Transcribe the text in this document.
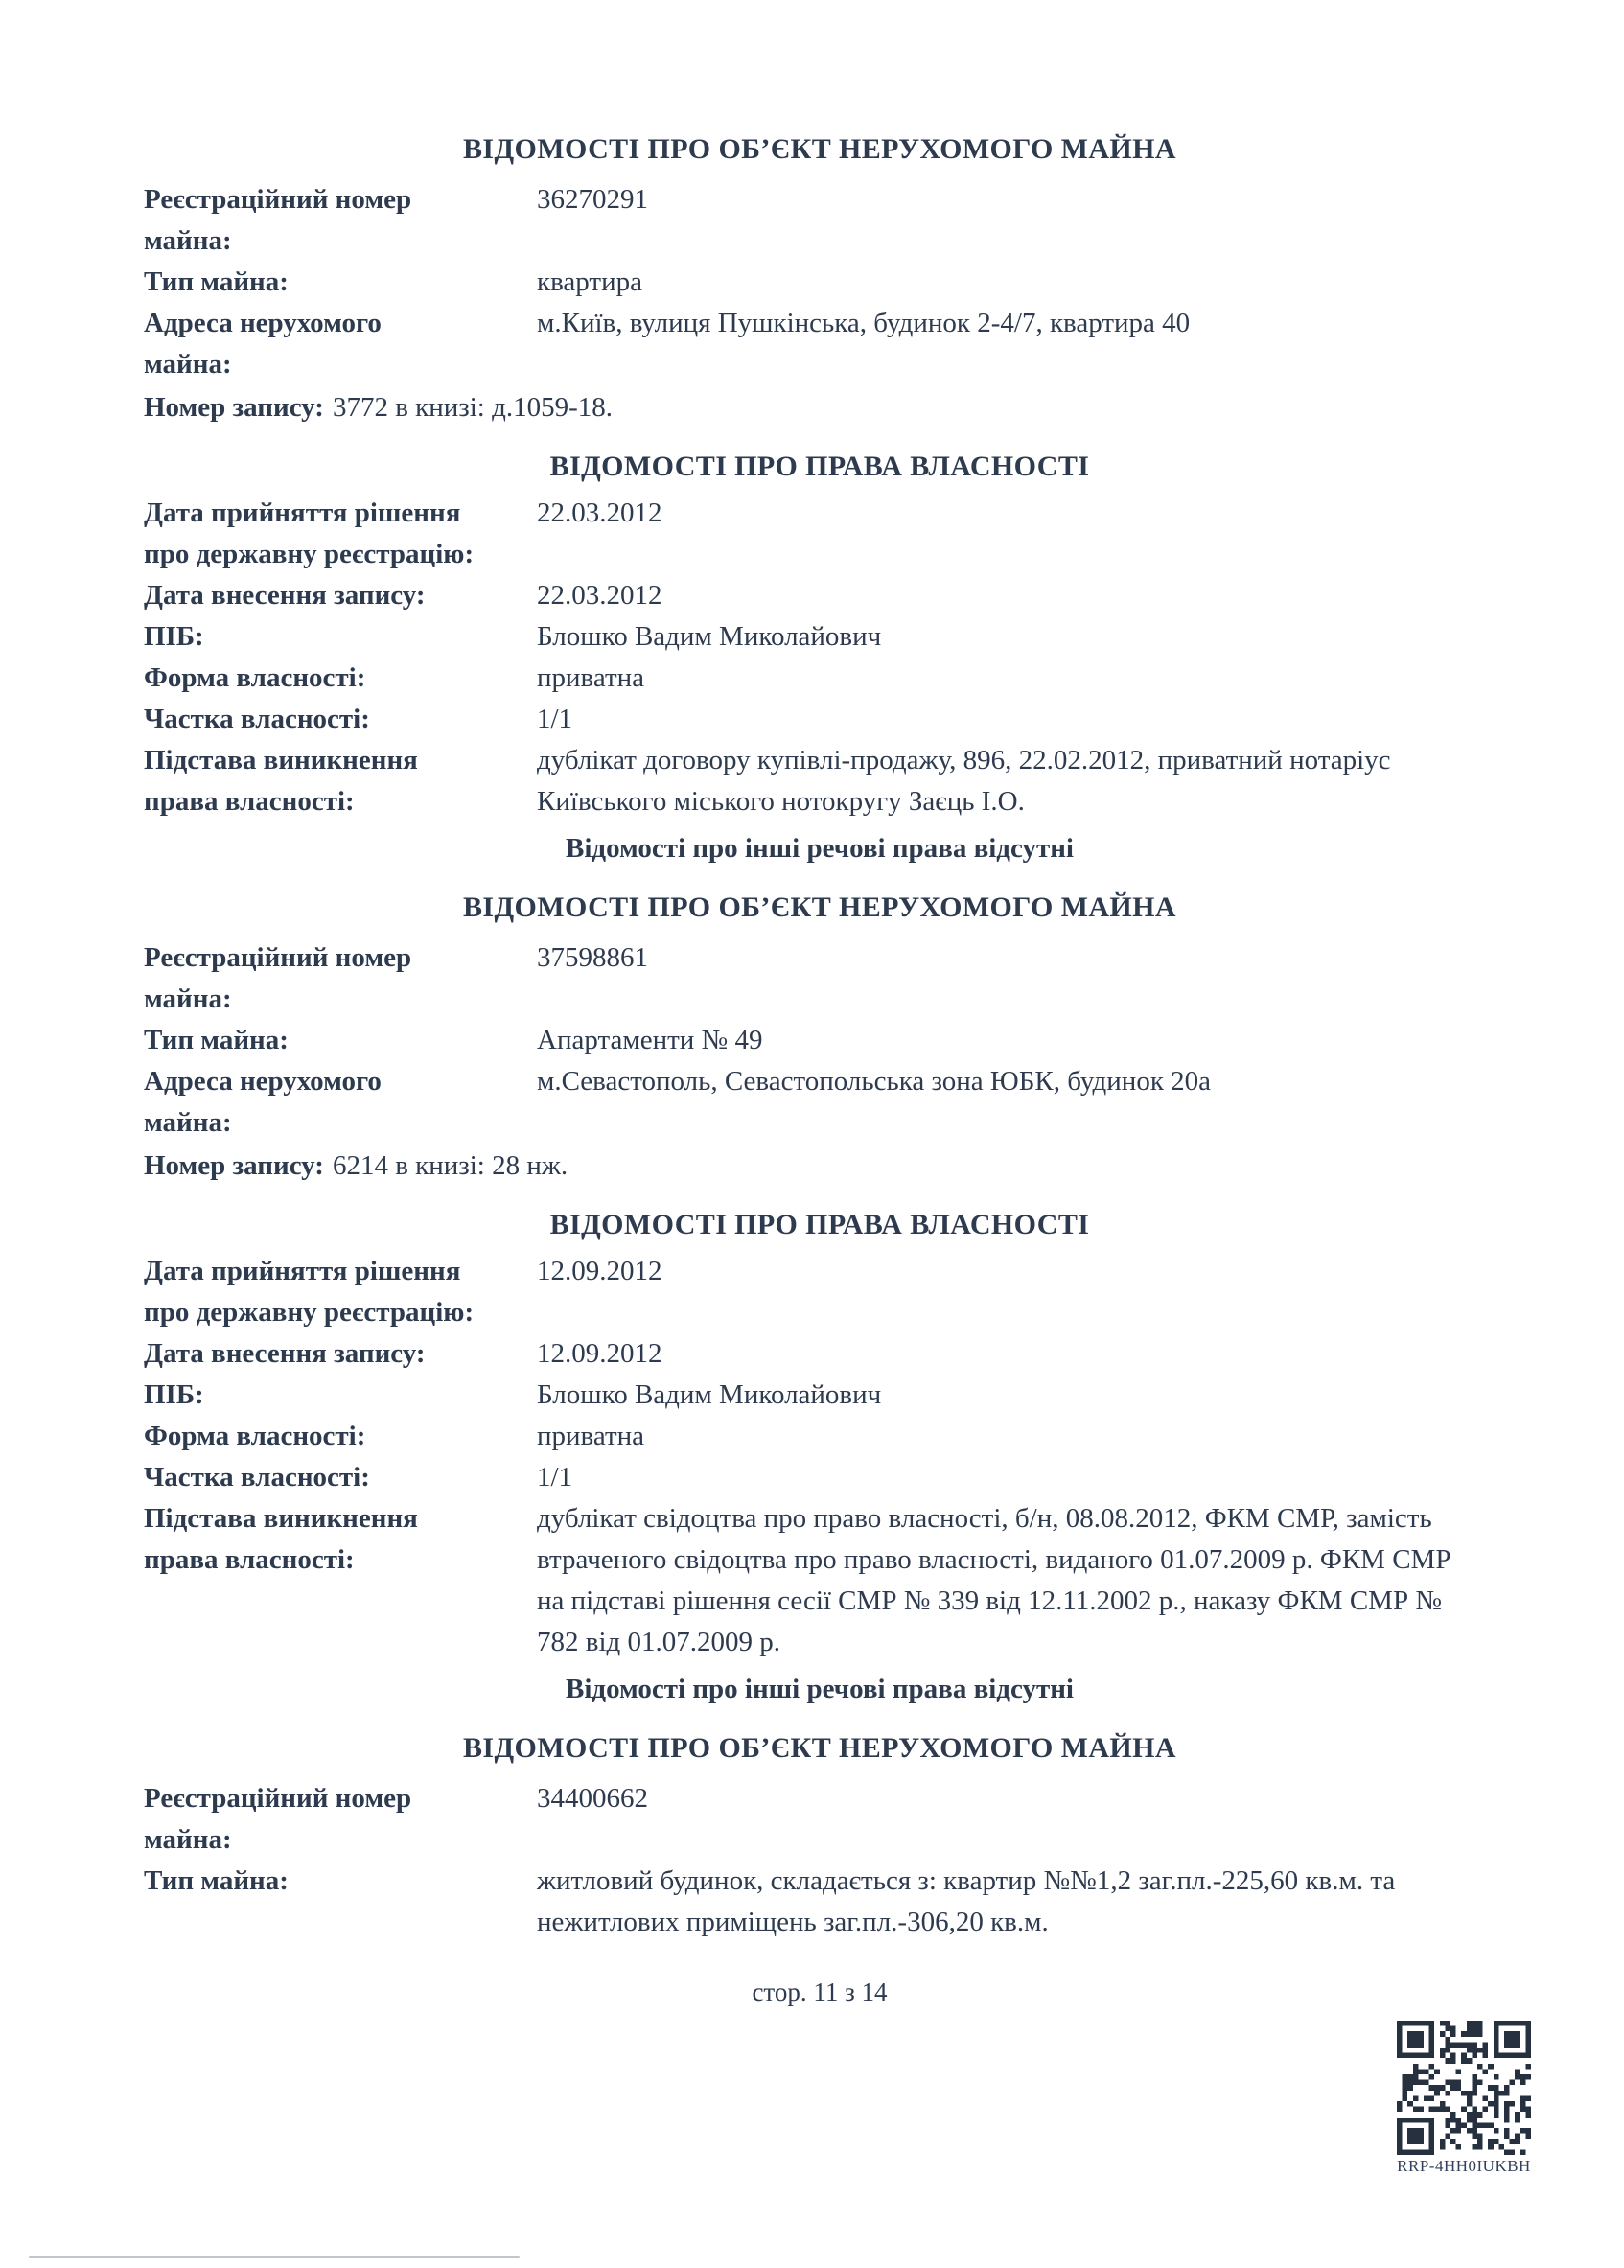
ВІДОМОСТІ ПРО ОБ’ЄКТ НЕРУХОМОГО МАЙНА
Реєстраційний номер майна:
36270291
Тип майна:	квартира
Адреса нерухомого майна:
м.Київ, вулиця Пушкінська, будинок 2-4/7, квартира 40

Номер запису: 3772 в книзі: д.1059-18.

ВІДОМОСТІ ПРО ПРАВА ВЛАСНОСТІ
Дата прийняття рішення про державну реєстрацію:
22.03.2012
Дата внесення запису:	22.03.2012
ПІБ:	Блошко Вадим Миколайович
Форма власності:	приватна
Частка власності:	1/1
Підстава виникнення права власності:
дублікат договору купівлі-продажу, 896, 22.02.2012, приватний нотаріус Київського міського нотокругу Заєць І.О.

Відомості про інші речові права відсутні

ВІДОМОСТІ ПРО ОБ’ЄКТ НЕРУХОМОГО МАЙНА
Реєстраційний номер майна:
37598861
Тип майна:	Апартаменти № 49
Адреса нерухомого майна:
м.Севастополь, Севастопольська зона ЮБК, будинок 20а

Номер запису: 6214 в книзі: 28 нж.

ВІДОМОСТІ ПРО ПРАВА ВЛАСНОСТІ
Дата прийняття рішення про державну реєстрацію:
12.09.2012
Дата внесення запису:	12.09.2012
ПІБ:	Блошко Вадим Миколайович
Форма власності:	приватна
Частка власності:	1/1
Підстава виникнення права власності:
дублікат свідоцтва про право власності, б/н, 08.08.2012, ФКМ СМР, замість втраченого свідоцтва про право власності, виданого 01.07.2009 р. ФКМ СМР на підставі рішення сесії СМР № 339 від 12.11.2002 р., наказу ФКМ СМР № 782 від 01.07.2009 р.

Відомості про інші речові права відсутні

ВІДОМОСТІ ПРО ОБ’ЄКТ НЕРУХОМОГО МАЙНА
Реєстраційний номер майна:
34400662
Тип майна:	житловий будинок, складається з: квартир №№1,2 заг.пл.-225,60 кв.м. та нежитлових приміщень заг.пл.-306,20 кв.м.
стор. 11 з 14
RRP-4HH0IUKBH
